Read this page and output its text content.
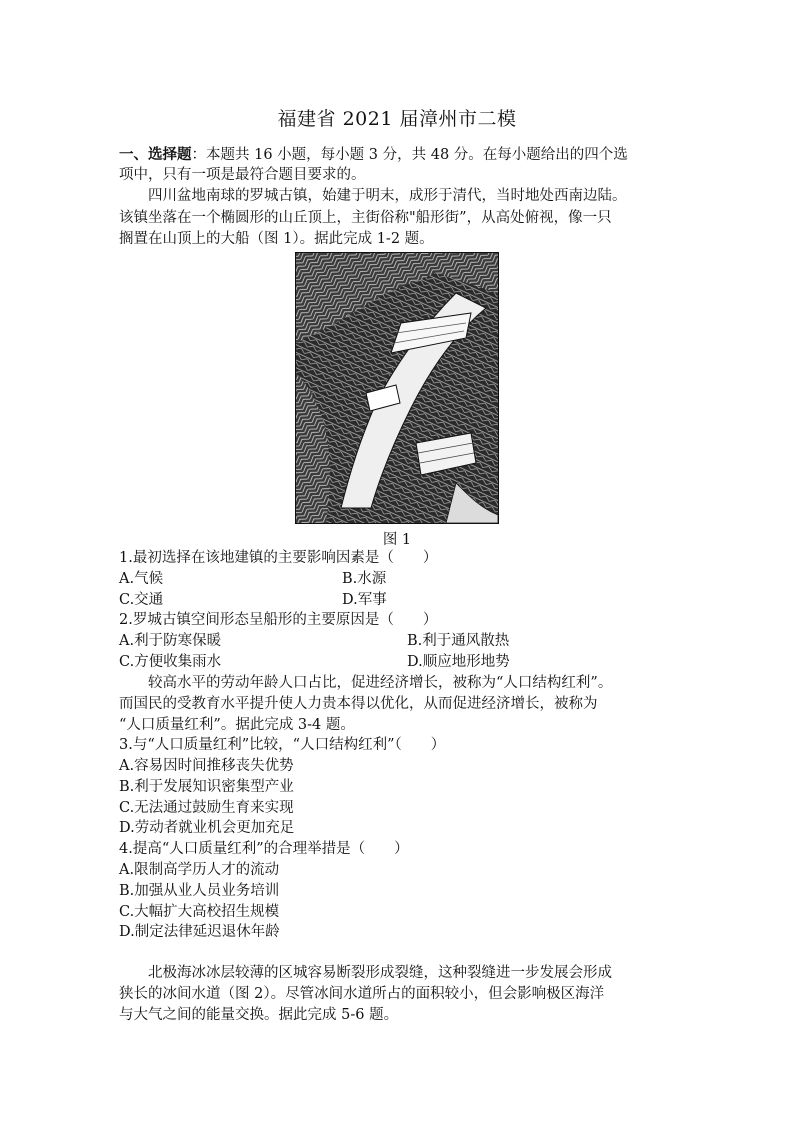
福建省 2021 届漳州市二模
一、选择题：本题共 16 小题，每小题 3 分，共 48 分。在每小题给出的四个选
项中，只有一项是最符合题目要求的。
四川盆地南球的罗城古镇，始建于明末，成形于清代，当时地处西南边陆。
该镇坐落在一个椭圆形的山丘顶上，主街俗称"船形街”，从高处俯视，像一只
搁置在山顶上的大船（图 1）。据此完成 1-2 题。
图 1
1.最初选择在该地建镇的主要影响因素是（　　）
A.气候	B.水源
C.交通	D.军事
2.罗城古镇空间形态呈船形的主要原因是（　　）
A.利于防寒保暖	B.利于通风散热
C.方便收集雨水	D.顺应地形地势
较高水平的劳动年龄人口占比，促进经济增长，被称为“人口结构红利”。
而国民的受教育水平提升使人力贵本得以优化，从而促进经济增长，被称为
“人口质量红利”。据此完成 3-4 题。
3.与“人口质量红利”比较，“人口结构红利”（　　）
A.容易因时间推移丧失优势
B.利于发展知识密集型产业
C.无法通过鼓励生育来实现
D.劳动者就业机会更加充足
4.提高“人口质量红利”的合理举措是（　　）
A.限制高学历人才的流动
B.加强从业人员业务培训
C.大幅扩大高校招生规模
D.制定法律延迟退休年龄
北极海冰冰层较薄的区城容易断裂形成裂缝，这种裂缝进一步发展会形成
狭长的冰间水道（图 2）。尽管冰间水道所占的面积较小，但会影响极区海洋
与大气之间的能量交换。据此完成 5-6 题。
